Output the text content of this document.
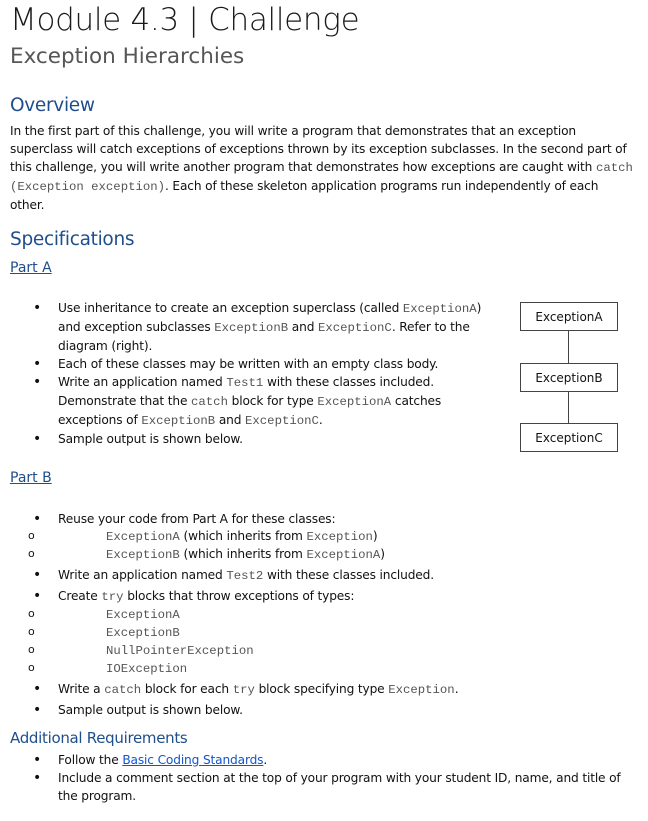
Module 4.3 | Challenge
Exception Hierarchies
Overview
In the first part of this challenge, you will write a program that demonstrates that an exception superclass will catch exceptions of exceptions thrown by its exception subclasses. In the second part of this challenge, you will write another program that demonstrates how exceptions are caught with catch (Exception exception). Each of these skeleton application programs run independently of each other.
Specifications
Part A
• Use inheritance to create an exception superclass (called ExceptionA) and exception subclasses ExceptionB and ExceptionC. Refer to the diagram (right).
• Each of these classes may be written with an empty class body.
• Write an application named Test1 with these classes included. Demonstrate that the catch block for type ExceptionA catches exceptions of ExceptionB and ExceptionC.
• Sample output is shown below.
ExceptionA
ExceptionB
ExceptionC
Part B
• Reuse your code from Part A for these classes:
o ExceptionA (which inherits from Exception)
o ExceptionB (which inherits from ExceptionA)
• Write an application named Test2 with these classes included.
• Create try blocks that throw exceptions of types:
o ExceptionA
o ExceptionB
o NullPointerException
o IOException
• Write a catch block for each try block specifying type Exception.
• Sample output is shown below.
Additional Requirements
• Follow the Basic Coding Standards.
• Include a comment section at the top of your program with your student ID, name, and title of the program.
